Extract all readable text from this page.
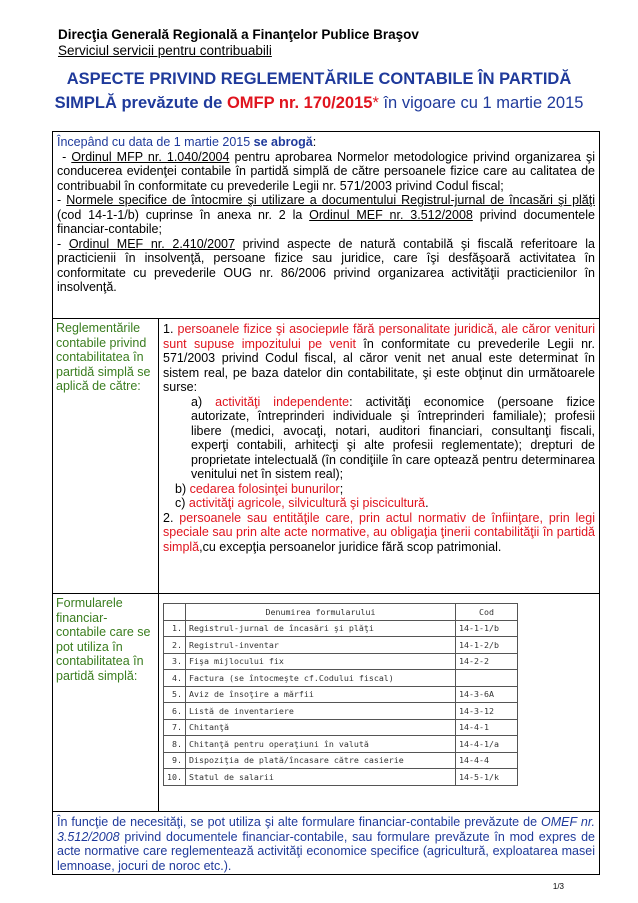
Direcţia Generală Regională a Finanţelor Publice Braşov
Serviciul servicii pentru contribuabili
ASPECTE PRIVIND REGLEMENTĂRILE CONTABILE ÎN PARTIDĂ
SIMPLĂ prevăzute de OMFP nr. 170/2015* în vigoare cu 1 martie 2015

Începând cu data de 1 martie 2015 se abrogă:

- Ordinul MFP nr. 1.040/2004 pentru aprobarea Normelor metodologice privind organizarea şi conducerea evidenţei contabile în partidă simplă de către persoanele fizice care au calitatea de contribuabil în conformitate cu prevederile Legii nr. 571/2003 privind Codul fiscal;

- Normele specifice de întocmire şi utilizare a documentului Registrul-jurnal de încasări şi plăţi (cod 14-1-1/b) cuprinse în anexa nr. 2 la Ordinul MEF nr. 3.512/2008 privind documentele financiar-contabile;

- Ordinul MEF nr. 2.410/2007 privind aspecte de natură contabilă şi fiscală referitoare la practicienii în insolvenţă, persoane fizice sau juridice, care îşi desfăşoară activitatea în conformitate cu prevederile OUG nr. 86/2006 privind organizarea activităţii practicienilor în insolvenţă.

Reglementările contabile privind contabilitatea în partidă simplă se aplică de către:

1. persoanele fizice şi asociериle fără personalitate juridică, ale căror venituri sunt supuse impozitului pe venit în conformitate cu prevederile Legii nr. 571/2003 privind Codul fiscal, al căror venit net anual este determinat în sistem real, pe baza datelor din contabilitate, şi este obţinut din următoarele surse:

a) activităţi independente: activităţi economice (persoane fizice autorizate, întreprinderi individuale şi întreprinderi familiale); profesii libere (medici, avocaţi, notari, auditori financiari, consultanţi fiscali, experţi contabili, arhitecţi şi alte profesii reglementate); drepturi de proprietate intelectuală (în condiţiile în care optează pentru determinarea venitului net în sistem real);

b) cedarea folosinţei bunurilor;

c) activităţi agricole, silvicultură şi piscicultură.

2. persoanele sau entităţile care, prin actul normativ de înfiinţare, prin legi speciale sau prin alte acte normative, au obligaţia ţinerii contabilităţii în partidă simplă,cu excepţia persoanelor juridice fără scop patrimonial.

Formularele financiar-contabile care se pot utiliza în contabilitatea în partidă simplă:
	Denumirea formularului	Cod
1.	Registrul-jurnal de încasări şi plăţi	14-1-1/b
2.	Registrul-inventar	14-1-2/b
3.	Fişa mijlocului fix	14-2-2
4.	Factura (se întocmeşte cf.Codului fiscal)	
5.	Aviz de însoţire a mărfii	14-3-6A
6.	Listă de inventariere	14-3-12
7.	Chitanţă	14-4-1
8.	Chitanţă pentru operaţiuni în valută	14-4-1/a
9.	Dispoziţia de plată/încasare către casierie	14-4-4
10.	Statul de salarii	14-5-1/k
În funcţie de necesităţi, se pot utiliza şi alte formulare financiar-contabile prevăzute de OMEF nr. 3.512/2008 privind documentele financiar-contabile, sau formulare prevăzute în mod expres de acte normative care reglementează activităţi economice specifice (agricultură, exploatarea masei lemnoase, jocuri de noroc etc.).
1/3
